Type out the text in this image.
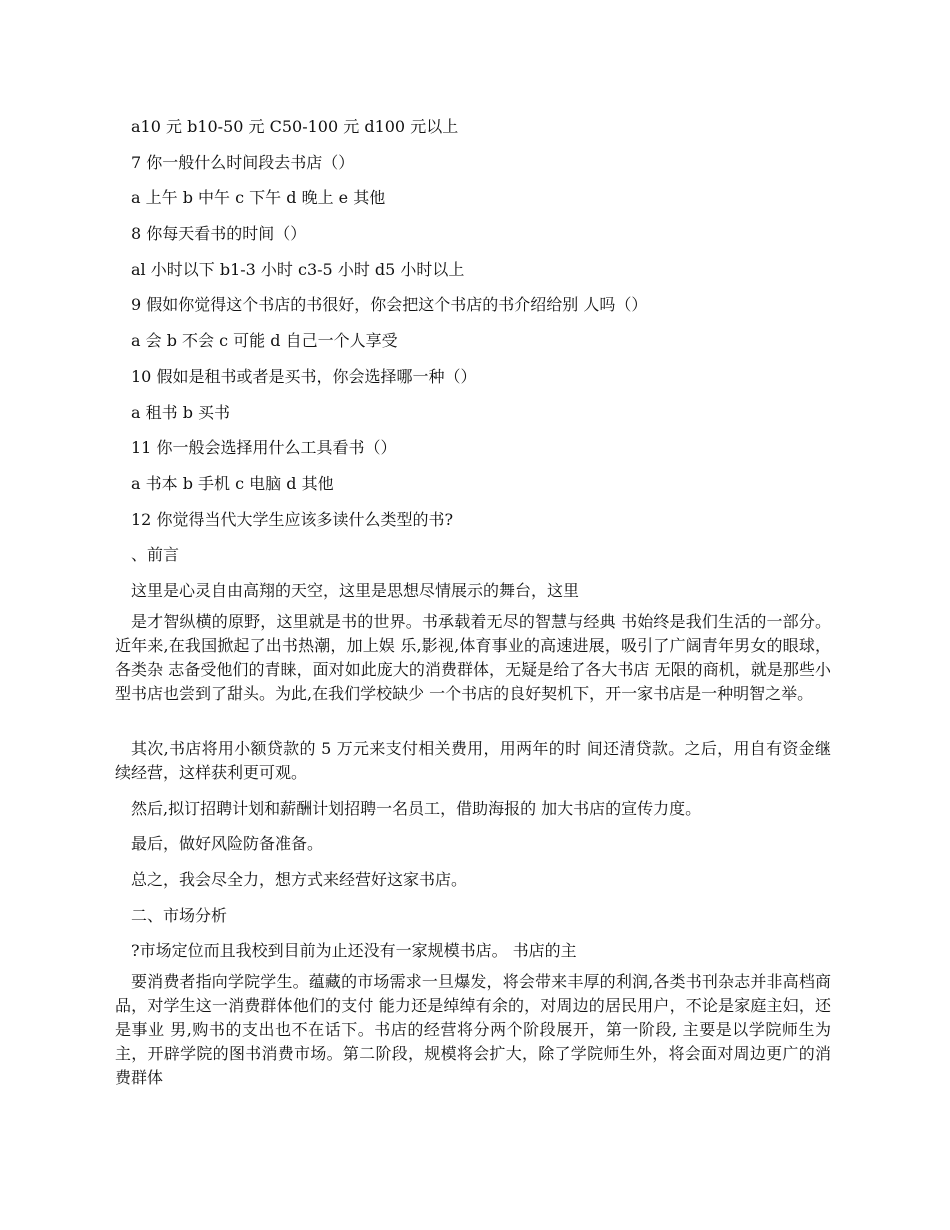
a10 元 b10-50 元 C50-100 元 d100 元以上
7 你一般什么时间段去书店（）
a 上午 b 中午 c 下午 d 晚上 e 其他
8 你每天看书的时间（）
al 小时以下 b1-3 小时 c3-5 小时 d5 小时以上
9 假如你觉得这个书店的书很好，你会把这个书店的书介绍给别 人吗（）
a 会 b 不会 c 可能 d 自己一个人享受
10 假如是租书或者是买书，你会选择哪一种（）
a 租书 b 买书
11 你一般会选择用什么工具看书（）
a 书本 b 手机 c 电脑 d 其他
12 你觉得当代大学生应该多读什么类型的书?
、前言
这里是心灵自由高翔的天空，这里是思想尽情展示的舞台，这里
是才智纵横的原野，这里就是书的世界。书承载着无尽的智慧与经典 书始终是我们生活的一部分。近年来,在我国掀起了出书热潮，加上娱 乐,影视,体育事业的高速进展，吸引了广阔青年男女的眼球，各类杂 志备受他们的青睐，面对如此庞大的消费群体，无疑是给了各大书店 无限的商机，就是那些小型书店也尝到了甜头。为此,在我们学校缺少 一个书店的良好契机下，开一家书店是一种明智之举。
其次,书店将用小额贷款的 5 万元来支付相关费用，用两年的时 间还清贷款。之后，用自有资金继续经营，这样获利更可观。
然后,拟订招聘计划和薪酬计划招聘一名员工，借助海报的 加大书店的宣传力度。
最后，做好风险防备准备。
总之，我会尽全力，想方式来经营好这家书店。
二、市场分析
?市场定位而且我校到目前为止还没有一家规模书店。 书店的主
要消费者指向学院学生。蕴藏的市场需求一旦爆发，将会带来丰厚的利润,各类书刊杂志并非高档商品，对学生这一消费群体他们的支付 能力还是绰绰有余的，对周边的居民用户，不论是家庭主妇，还是事业 男,购书的支出也不在话下。书店的经营将分两个阶段展开，第一阶段, 主要是以学院师生为主，开辟学院的图书消费市场。第二阶段，规模将会扩大，除了学院师生外，将会面对周边更广的消费群体
